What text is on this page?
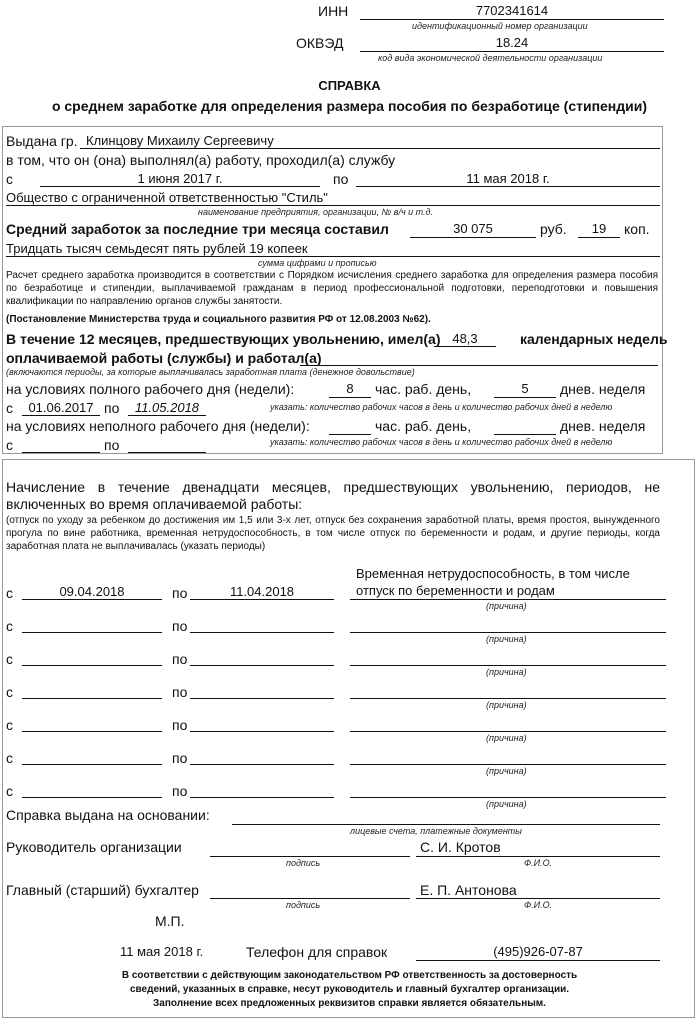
ИНН	7702341614
идентификационный номер организации
ОКВЭД	18.24
код вида экономической деятельности организации
СПРАВКА
о среднем заработке для определения размера пособия по безработице (стипендии)
Выдана гр. Клинцову Михаилу Сергеевичу
в том, что он (она) выполнял(а) работу, проходил(а) службу
с	1 июня 2017 г.	по	11 мая 2018 г.
Общество с ограниченной ответственностью "Стиль"
наименование предприятия, организации, № в/ч и т.д.
Средний заработок за последние три месяца составил	30 075	руб.	19	коп.
Тридцать тысяч семьдесят пять рублей 19 копеек
сумма цифрами и прописью
Расчет среднего заработка производится в соответствии с Порядком исчисления среднего заработка для определения размера пособия по безработице и стипендии, выплачиваемой гражданам в период профессиональной подготовки, переподготовки и повышения квалификации по направлению органов службы занятости.
(Постановление Министерства труда и социального развития РФ от 12.08.2003 №62).
В течение 12 месяцев, предшествующих увольнению, имел(а) 48,3	календарных недель
оплачиваемой работы (службы) и работал(а)
(включаются периоды, за которые выплачивалась заработная плата (денежное довольствие)
на условиях полного рабочего дня (недели):	8	час. раб. день,	5	днев. неделя
с	01.06.2017 по	11.05.2018	указать: количество рабочих часов в день и количество рабочих дней в неделю
на условиях неполного рабочего дня (недели):	час. раб. день,	днев. неделя
с	по	указать: количество рабочих часов в день и количество рабочих дней в неделю
Начисление в течение двенадцати месяцев, предшествующих увольнению, периодов, не
включенных во время оплачиваемой работы:
(отпуск по уходу за ребенком до достижения им 1,5 или 3-х лет, отпуск без сохранения заработной платы, время простоя, вынужденного прогула по вине работника, временная нетрудоспособность, в том числе отпуск по беременности и родам, и другие периоды, когда заработная плата не выплачивалась (указать периоды)
с	09.04.2018	по	11.04.2018
Временная нетрудоспособность, в том числе
отпуск по беременности и родам
(причина)
с	по
(причина)
с	по
(причина)
с	по
(причина)
с	по
(причина)
с	по
(причина)
с	по
(причина)
Справка выдана на основании:
лицевые счета, платежные документы
Руководитель организации
подпись
С. И. Кротов
Ф.И.О.
Главный (старший) бухгалтер
подпись
Е. П. Антонова
Ф.И.О.
М.П.
11 мая 2018 г.	Телефон для справок	(495)926-07-87
В соответствии с действующим законодательством РФ ответственность за достоверность
сведений, указанных в справке, несут руководитель и главный бухгалтер организации.
Заполнение всех предложенных реквизитов справки является обязательным.
